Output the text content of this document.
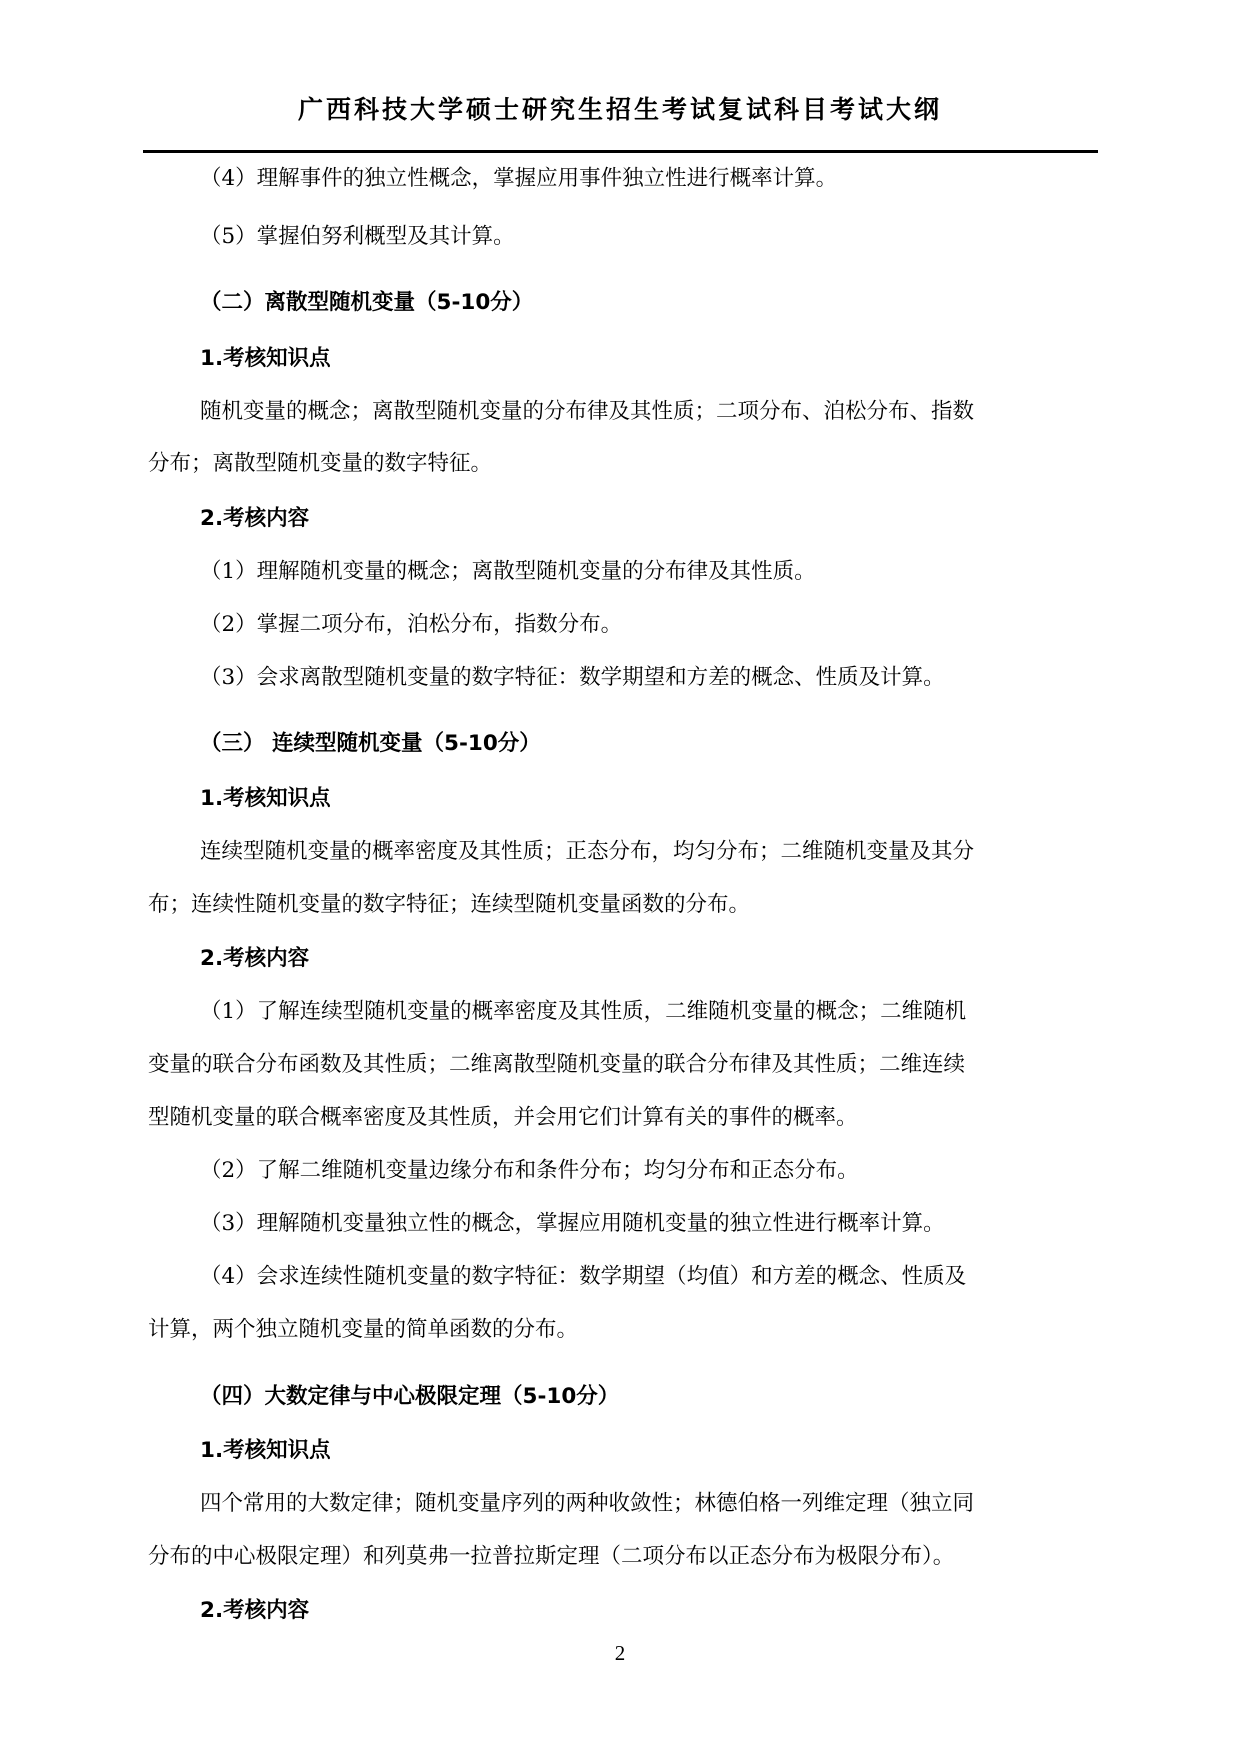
广西科技大学硕士研究生招生考试复试科目考试大纲
（4）理解事件的独立性概念，掌握应用事件独立性进行概率计算。
（5）掌握伯努利概型及其计算。
（二）离散型随机变量（5-10分）
1.考核知识点
随机变量的概念；离散型随机变量的分布律及其性质；二项分布、泊松分布、指数
分布；离散型随机变量的数字特征。
2.考核内容
（1）理解随机变量的概念；离散型随机变量的分布律及其性质。
（2）掌握二项分布，泊松分布，指数分布。
（3）会求离散型随机变量的数字特征：数学期望和方差的概念、性质及计算。
（三） 连续型随机变量（5-10分）
1.考核知识点
连续型随机变量的概率密度及其性质；正态分布，均匀分布；二维随机变量及其分
布；连续性随机变量的数字特征；连续型随机变量函数的分布。
2.考核内容
（1）了解连续型随机变量的概率密度及其性质，二维随机变量的概念；二维随机
变量的联合分布函数及其性质；二维离散型随机变量的联合分布律及其性质；二维连续
型随机变量的联合概率密度及其性质，并会用它们计算有关的事件的概率。
（2）了解二维随机变量边缘分布和条件分布；均匀分布和正态分布。
（3）理解随机变量独立性的概念，掌握应用随机变量的独立性进行概率计算。
（4）会求连续性随机变量的数字特征：数学期望（均值）和方差的概念、性质及
计算，两个独立随机变量的简单函数的分布。
（四）大数定律与中心极限定理（5-10分）
1.考核知识点
四个常用的大数定律；随机变量序列的两种收敛性；林德伯格一列维定理（独立同
分布的中心极限定理）和列莫弗一拉普拉斯定理（二项分布以正态分布为极限分布）。
2.考核内容
2
